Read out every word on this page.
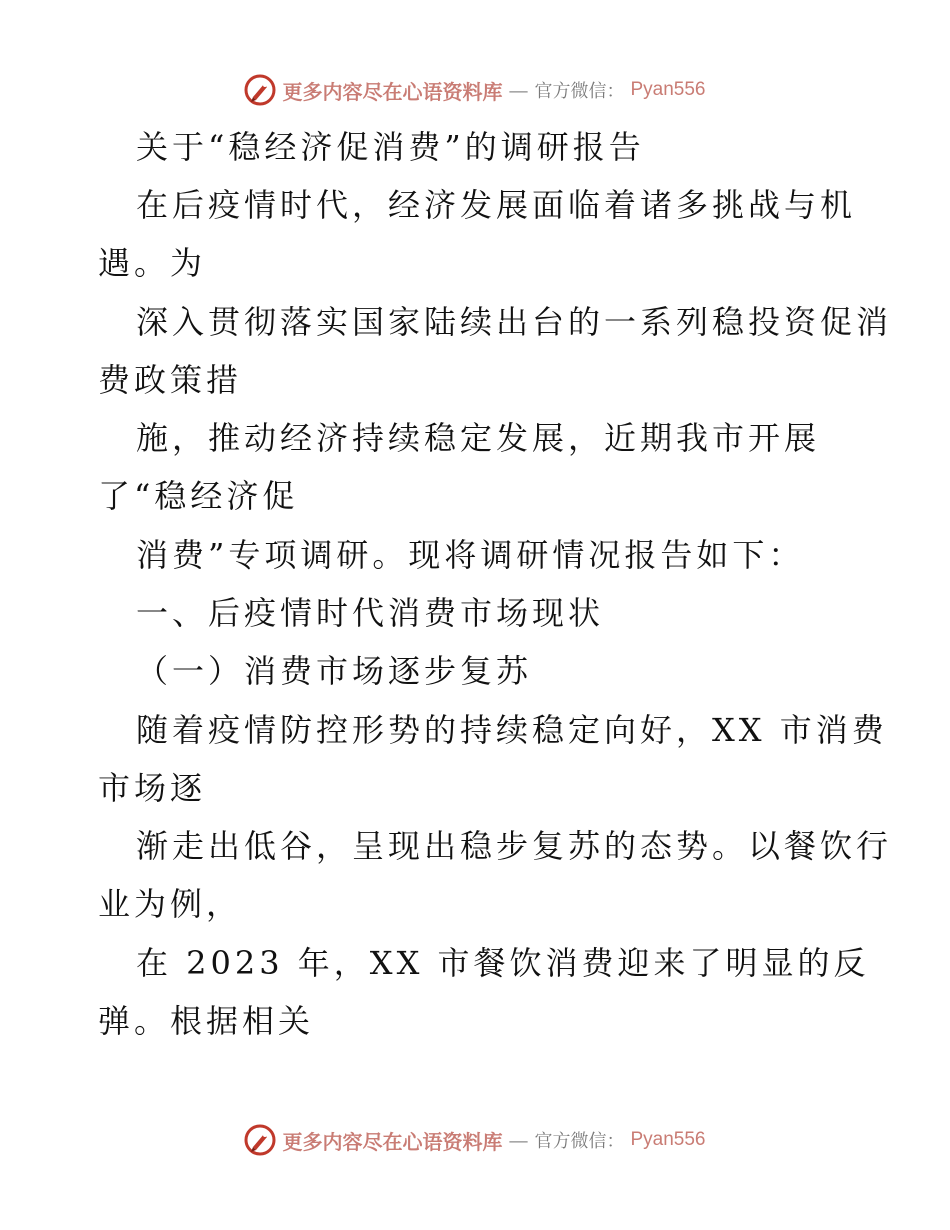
更多内容尽在心语资料库 — 官方微信： Pyan556
关于“稳经济促消费”的调研报告
在后疫情时代，经济发展面临着诸多挑战与机
遇。为
深入贯彻落实国家陆续出台的一系列稳投资促消
费政策措
施，推动经济持续稳定发展，近期我市开展
了“稳经济促
消费”专项调研。现将调研情况报告如下：
一、后疫情时代消费市场现状
（一）消费市场逐步复苏
随着疫情防控形势的持续稳定向好，XX 市消费
市场逐
渐走出低谷，呈现出稳步复苏的态势。以餐饮行
业为例，
在 2023 年，XX 市餐饮消费迎来了明显的反
弹。根据相关
更多内容尽在心语资料库 — 官方微信： Pyan556
